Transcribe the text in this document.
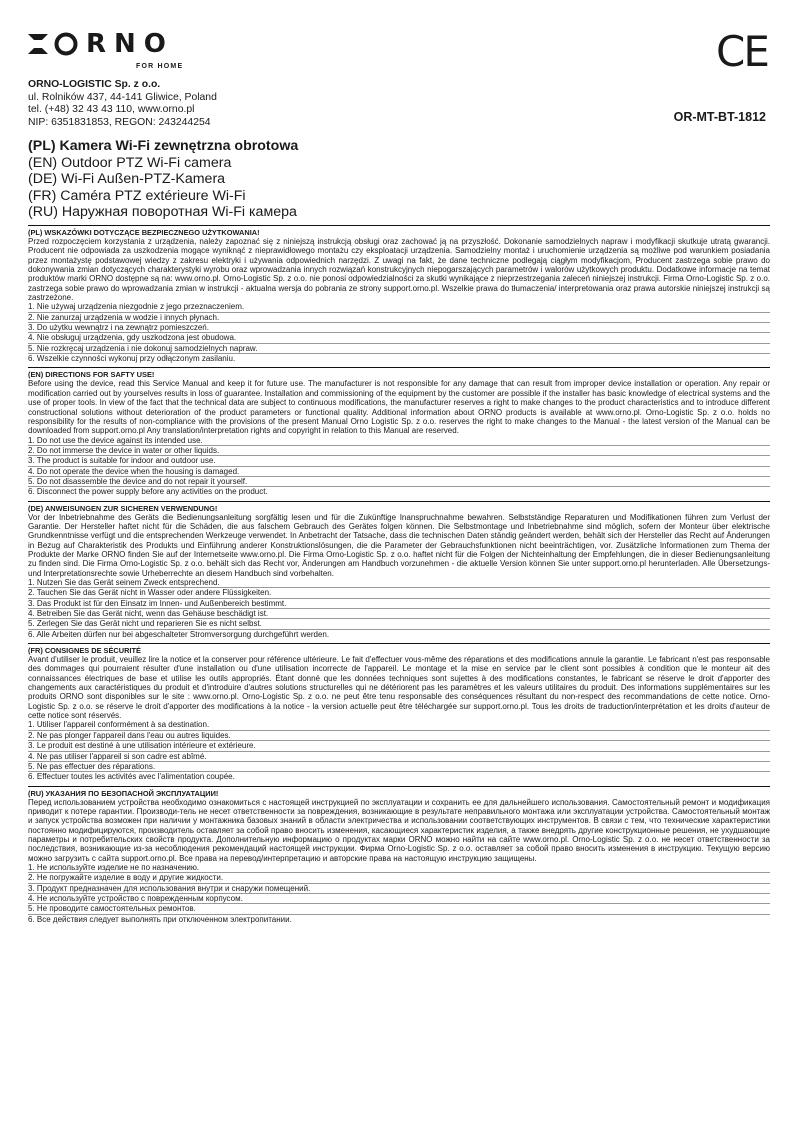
RNO
FOR HOME	CE
ORNO-LOGISTIC Sp. z o.o.
ul. Rolników 437, 44-141 Gliwice, Poland
tel. (+48) 32 43 43 110, www.orno.pl
NIP: 6351831853, REGON: 243244254	OR-MT-BT-1812
(PL) Kamera Wi-Fi zewnętrzna obrotowa
(EN) Outdoor PTZ Wi-Fi camera
(DE) Wi-Fi Außen-PTZ-Kamera
(FR) Caméra PTZ extérieure Wi-Fi
(RU) Наружная поворотная Wi-Fi камера
(PL) WSKAZÓWKI DOTYCZĄCE BEZPIECZNEGO UŻYTKOWANIA!
Przed rozpoczęciem korzystania z urządzenia, należy zapoznać się z niniejszą instrukcją obsługi oraz zachować ją na przyszłość. Dokonanie samodzielnych napraw i modyfikacji skutkuje utratą gwarancji. Producent nie odpowiada za uszkodzenia mogące wyniknąć z nieprawidłowego montażu czy eksploatacji urządzenia. Samodzielny montaż i uruchomienie urządzenia są możliwe pod warunkiem posiadania przez montażystę podstawowej wiedzy z zakresu elektryki i używania odpowiednich narzędzi. Z uwagi na fakt, że dane techniczne podlegają ciągłym modyfikacjom, Producent zastrzega sobie prawo do dokonywania zmian dotyczących charakterystyki wyrobu oraz wprowadzania innych rozwiązań konstrukcyjnych niepogarszających parametrów i walorów użytkowych produktu. Dodatkowe informacje na temat produktów marki ORNO dostępne są na: www.orno.pl. Orno-Logistic Sp. z o.o. nie ponosi odpowiedzialności za skutki wynikające z nieprzestrzegania zaleceń niniejszej instrukcji. Firma Orno-Logistic Sp. z o.o. zastrzega sobie prawo do wprowadzania zmian w instrukcji - aktualna wersja do pobrania ze strony support.orno.pl. Wszelkie prawa do tłumaczenia/ interpretowania oraz prawa autorskie niniejszej instrukcji są zastrzeżone.
1. Nie używaj urządzenia niezgodnie z jego przeznaczeniem.
2. Nie zanurzaj urządzenia w wodzie i innych płynach.
3. Do użytku wewnątrz i na zewnątrz pomieszczeń.
4. Nie obsługuj urządzenia, gdy uszkodzona jest obudowa.
5. Nie rozkręcaj urządzenia i nie dokonuj samodzielnych napraw.
6. Wszelkie czynności wykonuj przy odłączonym zasilaniu.
(EN) DIRECTIONS FOR SAFTY USE!
Before using the device, read this Service Manual and keep it for future use. The manufacturer is not responsible for any damage that can result from improper device installation or operation. Any repair or modification carried out by yourselves results in loss of guarantee. Installation and commissioning of the equipment by the customer are possible if the installer has basic knowledge of electrical systems and the use of proper tools. In view of the fact that the technical data are subject to continuous modifications, the manufacturer reserves a right to make changes to the product characteristics and to introduce different constructional solutions without deterioration of the product parameters or functional quality. Additional information about ORNO products is available at www.orno.pl. Orno-Logistic Sp. z o.o. holds no responsibility for the results of non-compliance with the provisions of the present Manual Orno Logistic Sp. z o.o. reserves the right to make changes to the Manual - the latest version of the Manual can be downloaded from support.orno.pl Any translation/interpretation rights and copyright in relation to this Manual are reserved.
1. Do not use the device against its intended use.
2. Do not immerse the device in water or other liquids.
3. The product is suitable for indoor and outdoor use.
4. Do not operate the device when the housing is damaged.
5. Do not disassemble the device and do not repair it yourself.
6. Disconnect the power supply before any activities on the product.
(DE) ANWEISUNGEN ZUR SICHEREN VERWENDUNG!
Vor der Inbetriebnahme des Geräts die Bedienungsanleitung sorgfältig lesen und für die Zukünftige Inanspruchnahme bewahren. Selbstständige Reparaturen und Modifikationen führen zum Verlust der Garantie. Der Hersteller haftet nicht für die Schäden, die aus falschem Gebrauch des Gerätes folgen können. Die Selbstmontage und Inbetriebnahme sind möglich, sofern der Monteur über elektrische Grundkenntnisse verfügt und die entsprechenden Werkzeuge verwendet. In Anbetracht der Tatsache, dass die technischen Daten ständig geändert werden, behält sich der Hersteller das Recht auf Änderungen in Bezug auf Charakteristik des Produkts und Einführung anderer Konstruktionslösungen, die die Parameter der Gebrauchsfunktionen nicht beeinträchtigen, vor. Zusätzliche Informationen zum Thema der Produkte der Marke ORNO finden Sie auf der Internetseite www.orno.pl. Die Firma Orno-Logistic Sp. z o.o. haftet nicht für die Folgen der Nichteinhaltung der Empfehlungen, die in dieser Bedienungsanleitung zu finden sind. Die Firma Orno-Logistic Sp. z o.o. behält sich das Recht vor, Änderungen am Handbuch vorzunehmen - die aktuelle Version können Sie unter support.orno.pl herunterladen. Alle Übersetzungs- und Interpretationsrechte sowie Urheberrechte an diesem Handbuch sind vorbehalten.
1. Nutzen Sie das Gerät seinem Zweck entsprechend.
2. Tauchen Sie das Gerät nicht in Wasser oder andere Flüssigkeiten.
3. Das Produkt ist für den Einsatz im Innen- und Außenbereich bestimmt.
4. Betreiben Sie das Gerät nicht, wenn das Gehäuse beschädigt ist.
5. Zerlegen Sie das Gerät nicht und reparieren Sie es nicht selbst.
6. Alle Arbeiten dürfen nur bei abgeschalteter Stromversorgung durchgeführt werden.
(FR) CONSIGNES DE SÉCURITÉ
Avant d'utiliser le produit, veuillez lire la notice et la conserver pour référence ultérieure. Le fait d'effectuer vous-même des réparations et des modifications annule la garantie. Le fabricant n'est pas responsable des dommages qui pourraient résulter d'une installation ou d'une utilisation incorrecte de l'appareil. Le montage et la mise en service par le client sont possibles à condition que le monteur ait des connaissances électriques de base et utilise les outils appropriés. Étant donné que les données techniques sont sujettes à des modifications constantes, le fabricant se réserve le droit d'apporter des changements aux caractéristiques du produit et d'introduire d'autres solutions structurelles qui ne détériorent pas les paramètres et les valeurs utilitaires du produit. Des informations supplémentaires sur les produits ORNO sont disponibles sur le site : www.orno.pl. Orno-Logistic Sp. z o.o. ne peut être tenu responsable des conséquences résultant du non-respect des recommandations de cette notice. Orno-Logistic Sp. z o.o. se réserve le droit d'apporter des modifications à la notice - la version actuelle peut être téléchargée sur support.orno.pl. Tous les droits de traduction/interprétation et les droits d'auteur de cette notice sont réservés.
1. Utiliser l'appareil conformément à sa destination.
2. Ne pas plonger l'appareil dans l'eau ou autres liquides.
3. Le produit est destiné à une utilisation intérieure et extérieure.
4. Ne pas utiliser l'appareil si son cadre est abîmé.
5. Ne pas effectuer des réparations.
6. Effectuer toutes les activités avec l'alimentation coupée.
(RU) УКАЗАНИЯ ПО БЕЗОПАСНОЙ ЭКСПЛУАТАЦИИ!
Перед использованием устройства необходимо ознакомиться с настоящей инструкцией по эксплуатации и сохранить ее для дальнейшего использования. Самостоятельный ремонт и модификация приводит к потере гарантии. Производи-тель не несет ответственности за повреждения, возникающие в результате неправильного монтажа или эксплуатации устройства. Самостоятельный монтаж и запуск устройства возможен при наличии у монтажника базовых знаний в области электричества и использовании соответствующих инструментов. В связи с тем, что технические характеристики постоянно модифицируются, производитель оставляет за собой право вносить изменения, касающиеся характеристик изделия, а также внедрять другие конструкционные решения, не ухудшающие параметры и потребительских свойств продукта. Дополнительную информацию о продуктах марки ORNO можно найти на сайте www.orno.pl. Orno-Logistic Sp. z o.o. не несет ответственности за последствия, возникающие из-за несоблюдения рекомендаций настоящей инструкции. Фирма Orno-Logistic Sp. z o.o. оставляет за собой право вносить изменения в инструкцию. Текущую версию можно загрузить с сайта support.orno.pl. Все права на перевод/интерпретацию и авторские права на настоящую инструкцию защищены.
1. Не используйте изделие не по назначению.
2. Не погружайте изделие в воду и другие жидкости.
3. Продукт предназначен для использования внутри и снаружи помещений.
4. Не используйте устройство с поврежденным корпусом.
5. Не проводите самостоятельных ремонтов.
6. Все действия следует выполнять при отключенном электропитании.
